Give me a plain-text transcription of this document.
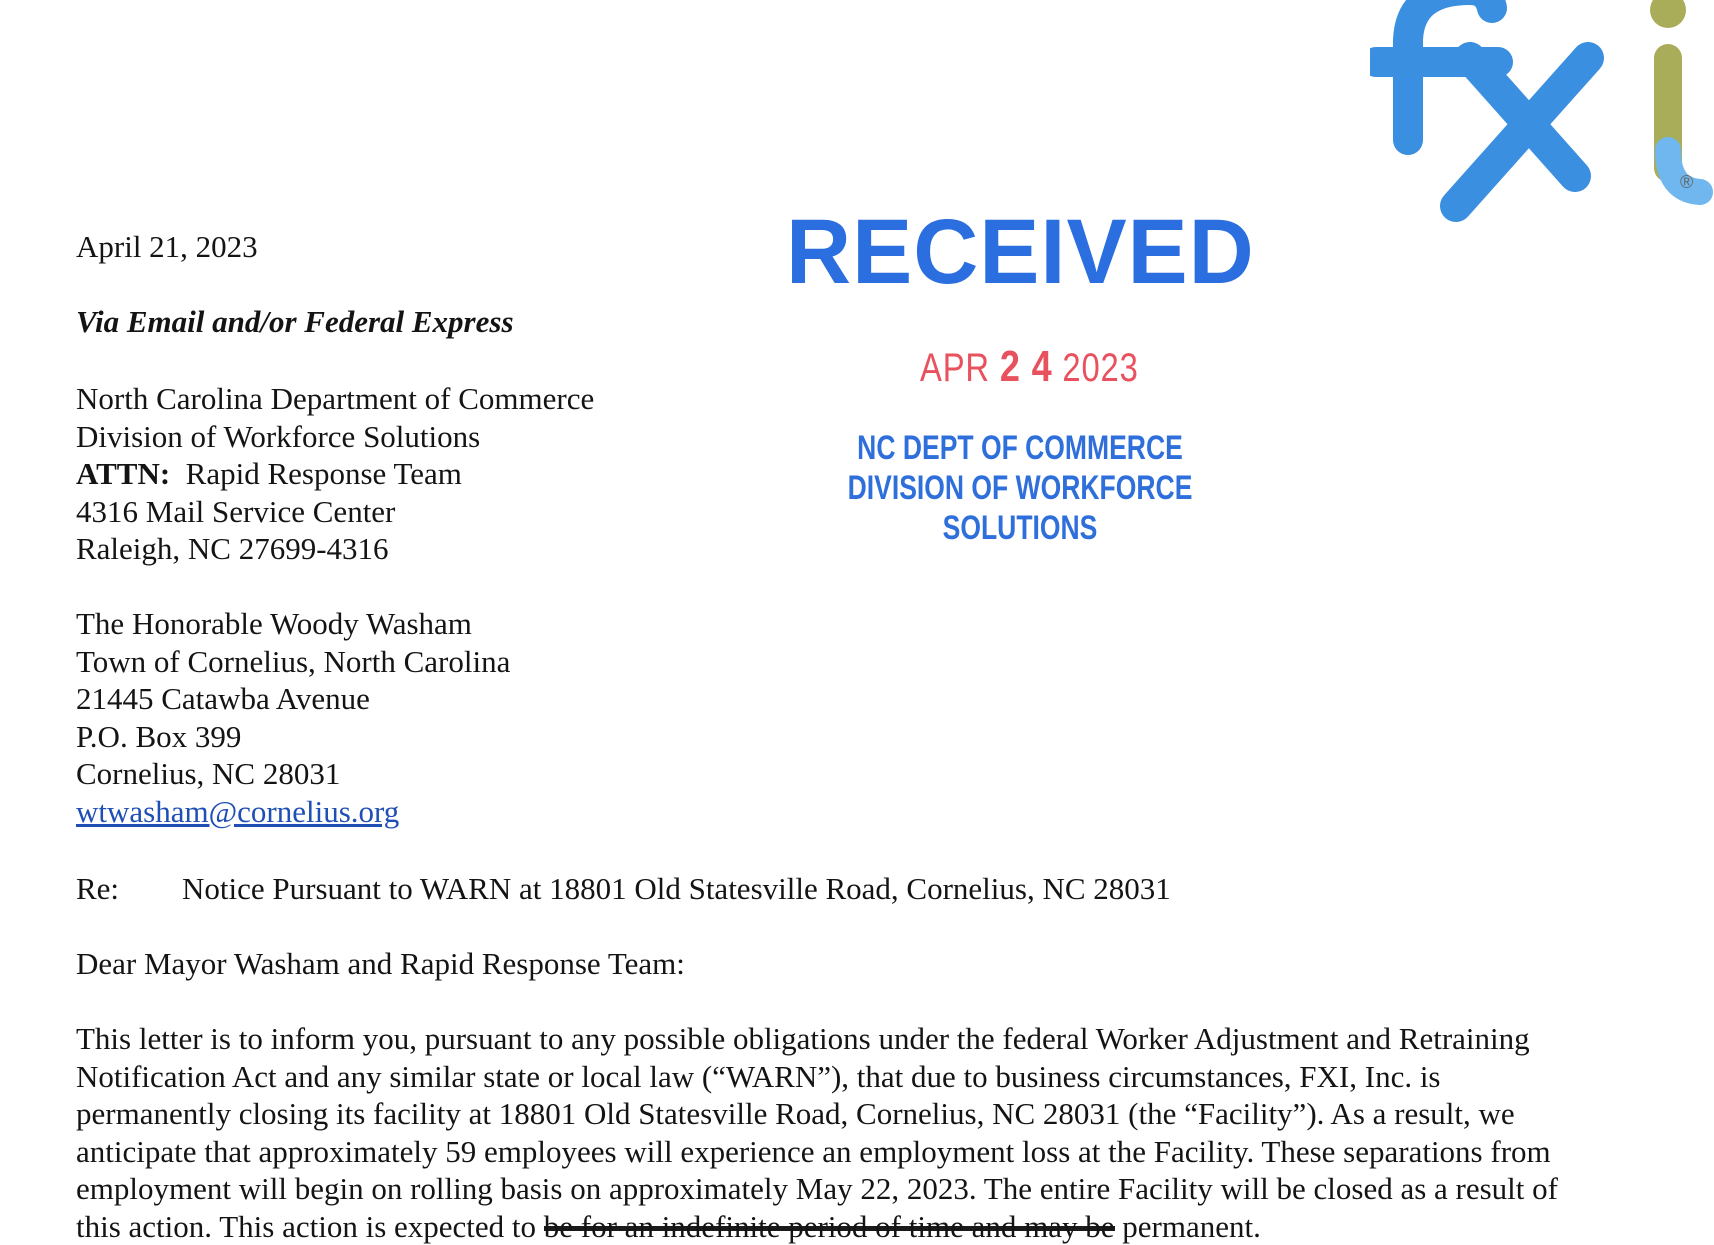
®
RECEIVED
APR 2 4 2023
NC DEPT OF COMMERCE
DIVISION OF WORKFORCE SOLUTIONS
April 21, 2023
Via Email and/or Federal Express
North Carolina Department of Commerce
Division of Workforce Solutions
ATTN: Rapid Response Team
4316 Mail Service Center
Raleigh, NC 27699-4316
The Honorable Woody Washam
Town of Cornelius, North Carolina
21445 Catawba Avenue
P.O. Box 399
Cornelius, NC 28031
wtwasham@cornelius.org
Re: Notice Pursuant to WARN at 18801 Old Statesville Road, Cornelius, NC 28031
Dear Mayor Washam and Rapid Response Team:
This letter is to inform you, pursuant to any possible obligations under the federal Worker Adjustment and Retraining
Notification Act and any similar state or local law (“WARN”), that due to business circumstances, FXI, Inc. is
permanently closing its facility at 18801 Old Statesville Road, Cornelius, NC 28031 (the “Facility”). As a result, we
anticipate that approximately 59 employees will experience an employment loss at the Facility. These separations from
employment will begin on rolling basis on approximately May 22, 2023. The entire Facility will be closed as a result of
this action. This action is expected to be for an indefinite period of time and may be permanent.
